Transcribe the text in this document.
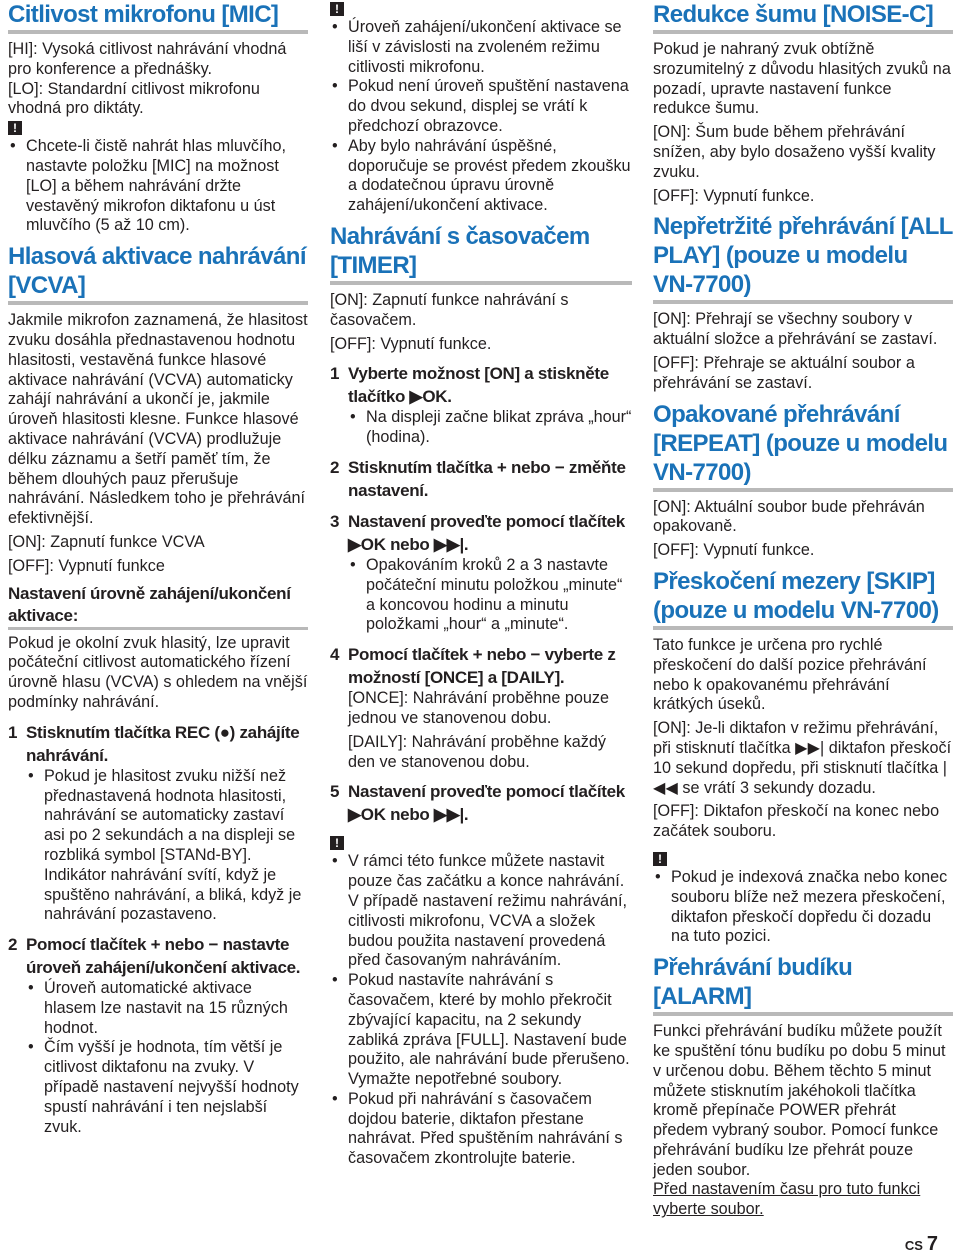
Citlivost mikrofonu [MIC]

[HI]: Vysoká citlivost nahrávání vhodná pro konference a přednášky.

[LO]: Standardní citlivost mikrofonu vhodná pro diktáty.

!
• Chcete-li čistě nahrát hlas mluvčího, nastavte položku [MIC] na možnost [LO] a během nahrávání držte vestavěný mikrofon diktafonu u úst mluvčího (5 až 10 cm).
Hlasová aktivace nahrávání [VCVA]

Jakmile mikrofon zaznamená, že hlasitost zvuku dosáhla přednastavenou hodnotu hlasitosti, vestavěná funkce hlasové aktivace nahrávání (VCVA) automaticky zahájí nahrávání a ukončí je, jakmile úroveň hlasitosti klesne. Funkce hlasové aktivace nahrávání (VCVA) prodlužuje délku záznamu a šetří paměť tím, že během dlouhých pauz přerušuje nahrávání. Následkem toho je přehrávání efektivnější.

[ON]: Zapnutí funkce VCVA

[OFF]: Vypnutí funkce

Nastavení úrovně zahájení/ukončení aktivace:

Pokud je okolní zvuk hlasitý, lze upravit počáteční citlivost automatického řízení úrovně hlasu (VCVA) s ohledem na vnější podmínky nahrávání.

1 Stisknutím tlačítka REC (●) zahájíte nahrávání.
• Pokud je hlasitost zvuku nižší než přednastavená hodnota hlasitosti, nahrávání se automaticky zastaví asi po 2 sekundách a na displeji se rozbliká symbol [STANd-BY]. Indikátor nahrávání svítí, když je spuštěno nahrávání, a bliká, když je nahrávání pozastaveno.
2 Pomocí tlačítek + nebo − nastavte úroveň zahájení/ukončení aktivace.
• Úroveň automatické aktivace hlasem lze nastavit na 15 různých hodnot.
• Čím vyšší je hodnota, tím větší je citlivost diktafonu na zvuky. V případě nastavení nejvyšší hodnoty spustí nahrávání i ten nejslabší zvuk.
!
• Úroveň zahájení/ukončení aktivace se liší v závislosti na zvoleném režimu citlivosti mikrofonu.
• Pokud není úroveň spuštění nastavena do dvou sekund, displej se vrátí k předchozí obrazovce.
• Aby bylo nahrávání úspěšné, doporučuje se provést předem zkoušku a dodatečnou úpravu úrovně zahájení/ukončení aktivace.
Nahrávání s časovačem [TIMER]

[ON]: Zapnutí funkce nahrávání s časovačem.

[OFF]: Vypnutí funkce.

1 Vyberte možnost [ON] a stiskněte tlačítko ▶OK.
• Na displeji začne blikat zpráva „hour“ (hodina).
2 Stisknutím tlačítka + nebo − změňte nastavení.
3 Nastavení proveďte pomocí tlačítek ▶OK nebo ▶▶|.
• Opakováním kroků 2 a 3 nastavte počáteční minutu položkou „minute“ a koncovou hodinu a minutu položkami „hour“ a „minute“.
4 Pomocí tlačítek + nebo − vyberte z možností [ONCE] a [DAILY].

[ONCE]: Nahrávání proběhne pouze jednou ve stanovenou dobu.

[DAILY]: Nahrávání proběhne každý den ve stanovenou dobu.

5 Nastavení proveďte pomocí tlačítek ▶OK nebo ▶▶|.
!
• V rámci této funkce můžete nastavit pouze čas začátku a konce nahrávání. V případě nastavení režimu nahrávání, citlivosti mikrofonu, VCVA a složek budou použita nastavení provedená před časovaným nahráváním.
• Pokud nastavíte nahrávání s časovačem, které by mohlo překročit zbývající kapacitu, na 2 sekundy zabliká zpráva [FULL]. Nastavení bude použito, ale nahrávání bude přerušeno. Vymažte nepotřebné soubory.
• Pokud při nahrávání s časovačem dojdou baterie, diktafon přestane nahrávat. Před spuštěním nahrávání s časovačem zkontrolujte baterie.
Redukce šumu [NOISE-C]

Pokud je nahraný zvuk obtížně srozumitelný z důvodu hlasitých zvuků na pozadí, upravte nastavení funkce redukce šumu.

[ON]: Šum bude během přehrávání snížen, aby bylo dosaženo vyšší kvality zvuku.

[OFF]: Vypnutí funkce.

Nepřetržité přehrávání [ALL PLAY] (pouze u modelu VN-7700)

[ON]: Přehrají se všechny soubory v aktuální složce a přehrávání se zastaví.

[OFF]: Přehraje se aktuální soubor a přehrávání se zastaví.

Opakované přehrávání [REPEAT] (pouze u modelu VN-7700)

[ON]: Aktuální soubor bude přehráván opakovaně.

[OFF]: Vypnutí funkce.

Přeskočení mezery [SKIP] (pouze u modelu VN-7700)

Tato funkce je určena pro rychlé přeskočení do další pozice přehrávání nebo k opakovanému přehrávání krátkých úseků.

[ON]: Je-li diktafon v režimu přehrávání, při stisknutí tlačítka ▶▶| diktafon přeskočí 10 sekund dopředu, při stisknutí tlačítka |◀◀ se vrátí 3 sekundy dozadu.

[OFF]: Diktafon přeskočí na konec nebo začátek souboru.

!
• Pokud je indexová značka nebo konec souboru blíže než mezera přeskočení, diktafon přeskočí dopředu či dozadu na tuto pozici.
Přehrávání budíku [ALARM]

Funkci přehrávání budíku můžete použít ke spuštění tónu budíku po dobu 5 minut v určenou dobu. Během těchto 5 minut můžete stisknutím jakéhokoli tlačítka kromě přepínače POWER přehrát předem vybraný soubor. Pomocí funkce přehrávání budíku lze přehrát pouze jeden soubor.

Před nastavením času pro tuto funkci vyberte soubor.

CS 7
